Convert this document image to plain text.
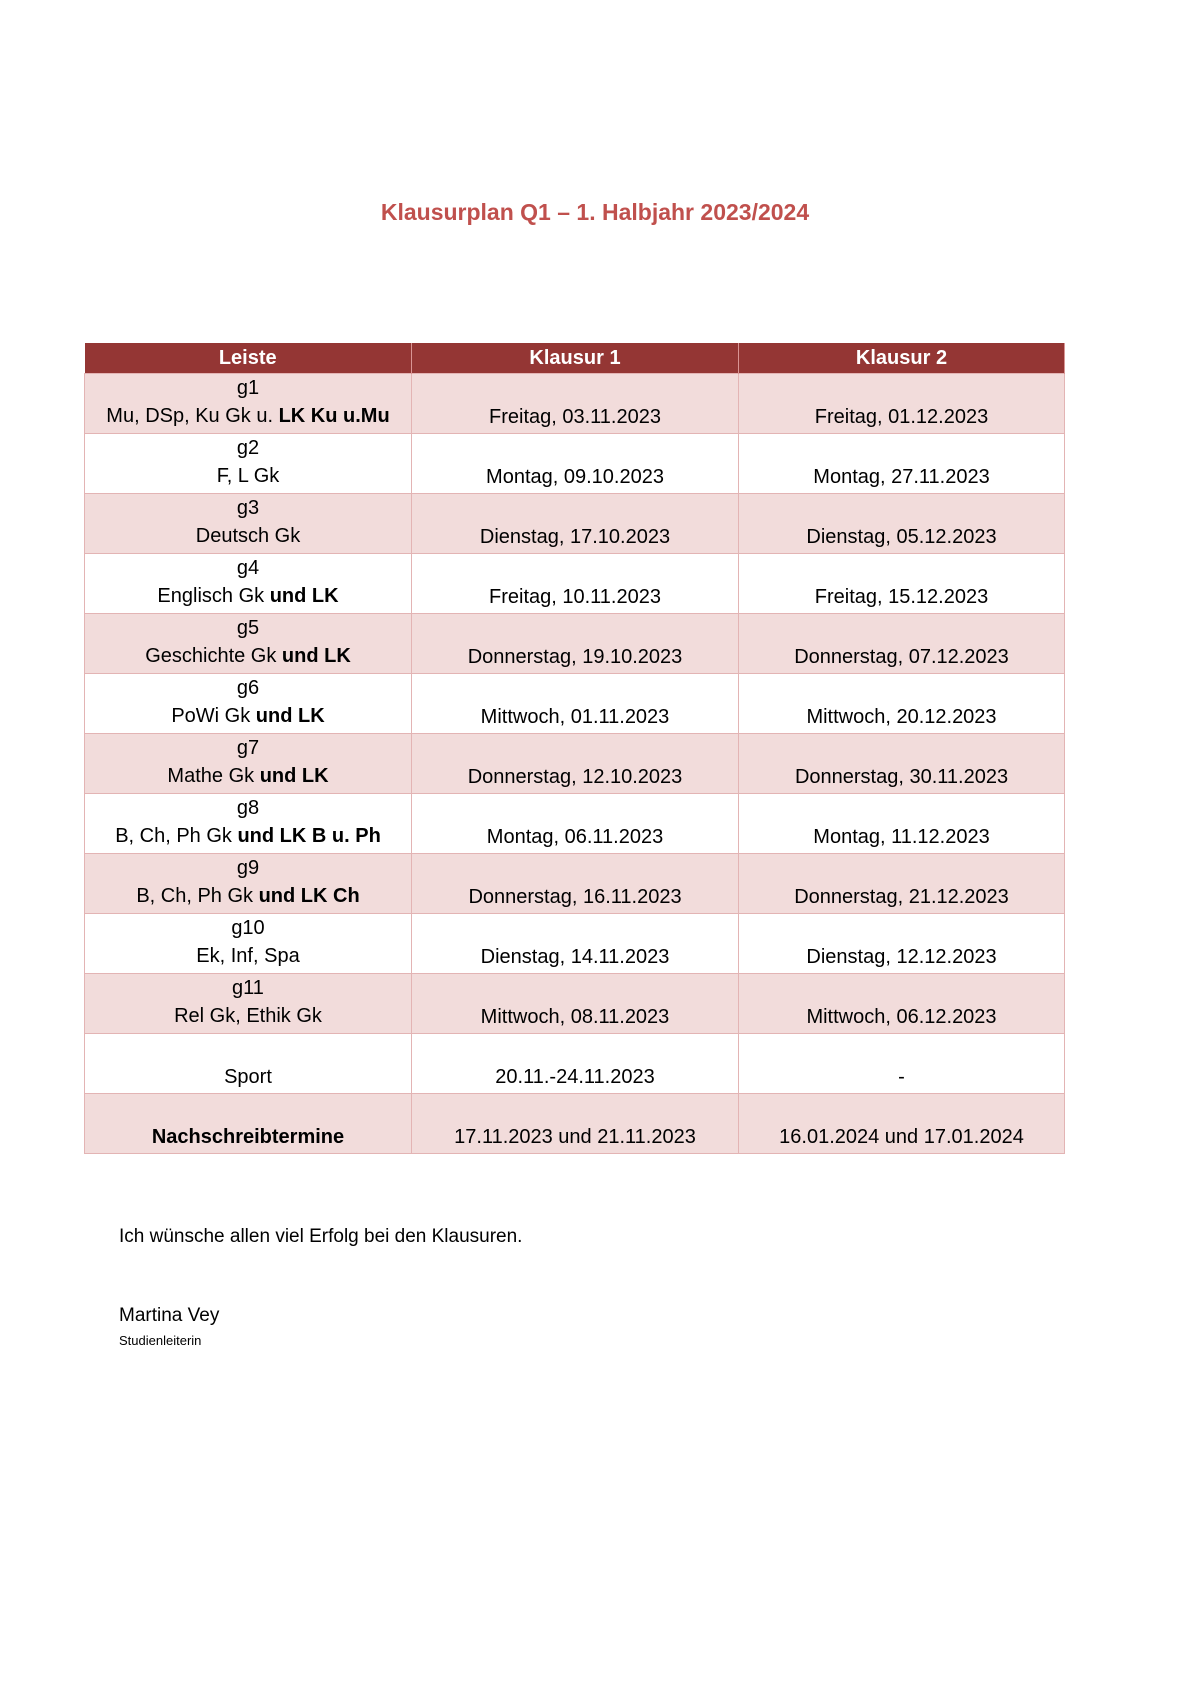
Klausurplan Q1 – 1. Halbjahr 2023/2024
Leiste	Klausur 1	Klausur 2

g1
Mu, DSp, Ku Gk u. LK Ku u.Mu	Freitag, 03.11.2023	Freitag, 01.12.2023

g2
F, L Gk	Montag, 09.10.2023	Montag, 27.11.2023

g3
Deutsch Gk	Dienstag, 17.10.2023	Dienstag, 05.12.2023

g4
Englisch Gk und LK	Freitag, 10.11.2023	Freitag, 15.12.2023

g5
Geschichte Gk und LK	Donnerstag, 19.10.2023	Donnerstag, 07.12.2023

g6
PoWi Gk und LK	Mittwoch, 01.11.2023	Mittwoch, 20.12.2023

g7
Mathe Gk und LK	Donnerstag, 12.10.2023	Donnerstag, 30.11.2023

g8
B, Ch, Ph Gk und LK B u. Ph	Montag, 06.11.2023	Montag, 11.12.2023

g9
B, Ch, Ph Gk und LK Ch	Donnerstag, 16.11.2023	Donnerstag, 21.12.2023

g10
Ek, Inf, Spa	Dienstag, 14.11.2023	Dienstag, 12.12.2023

g11
Rel Gk, Ethik Gk	Mittwoch, 08.11.2023	Mittwoch, 06.12.2023
Sport	20.11.-24.11.2023	-
Nachschreibtermine	17.11.2023 und 21.11.2023	16.01.2024 und 17.01.2024
Ich wünsche allen viel Erfolg bei den Klausuren.
Martina Vey
Studienleiterin
